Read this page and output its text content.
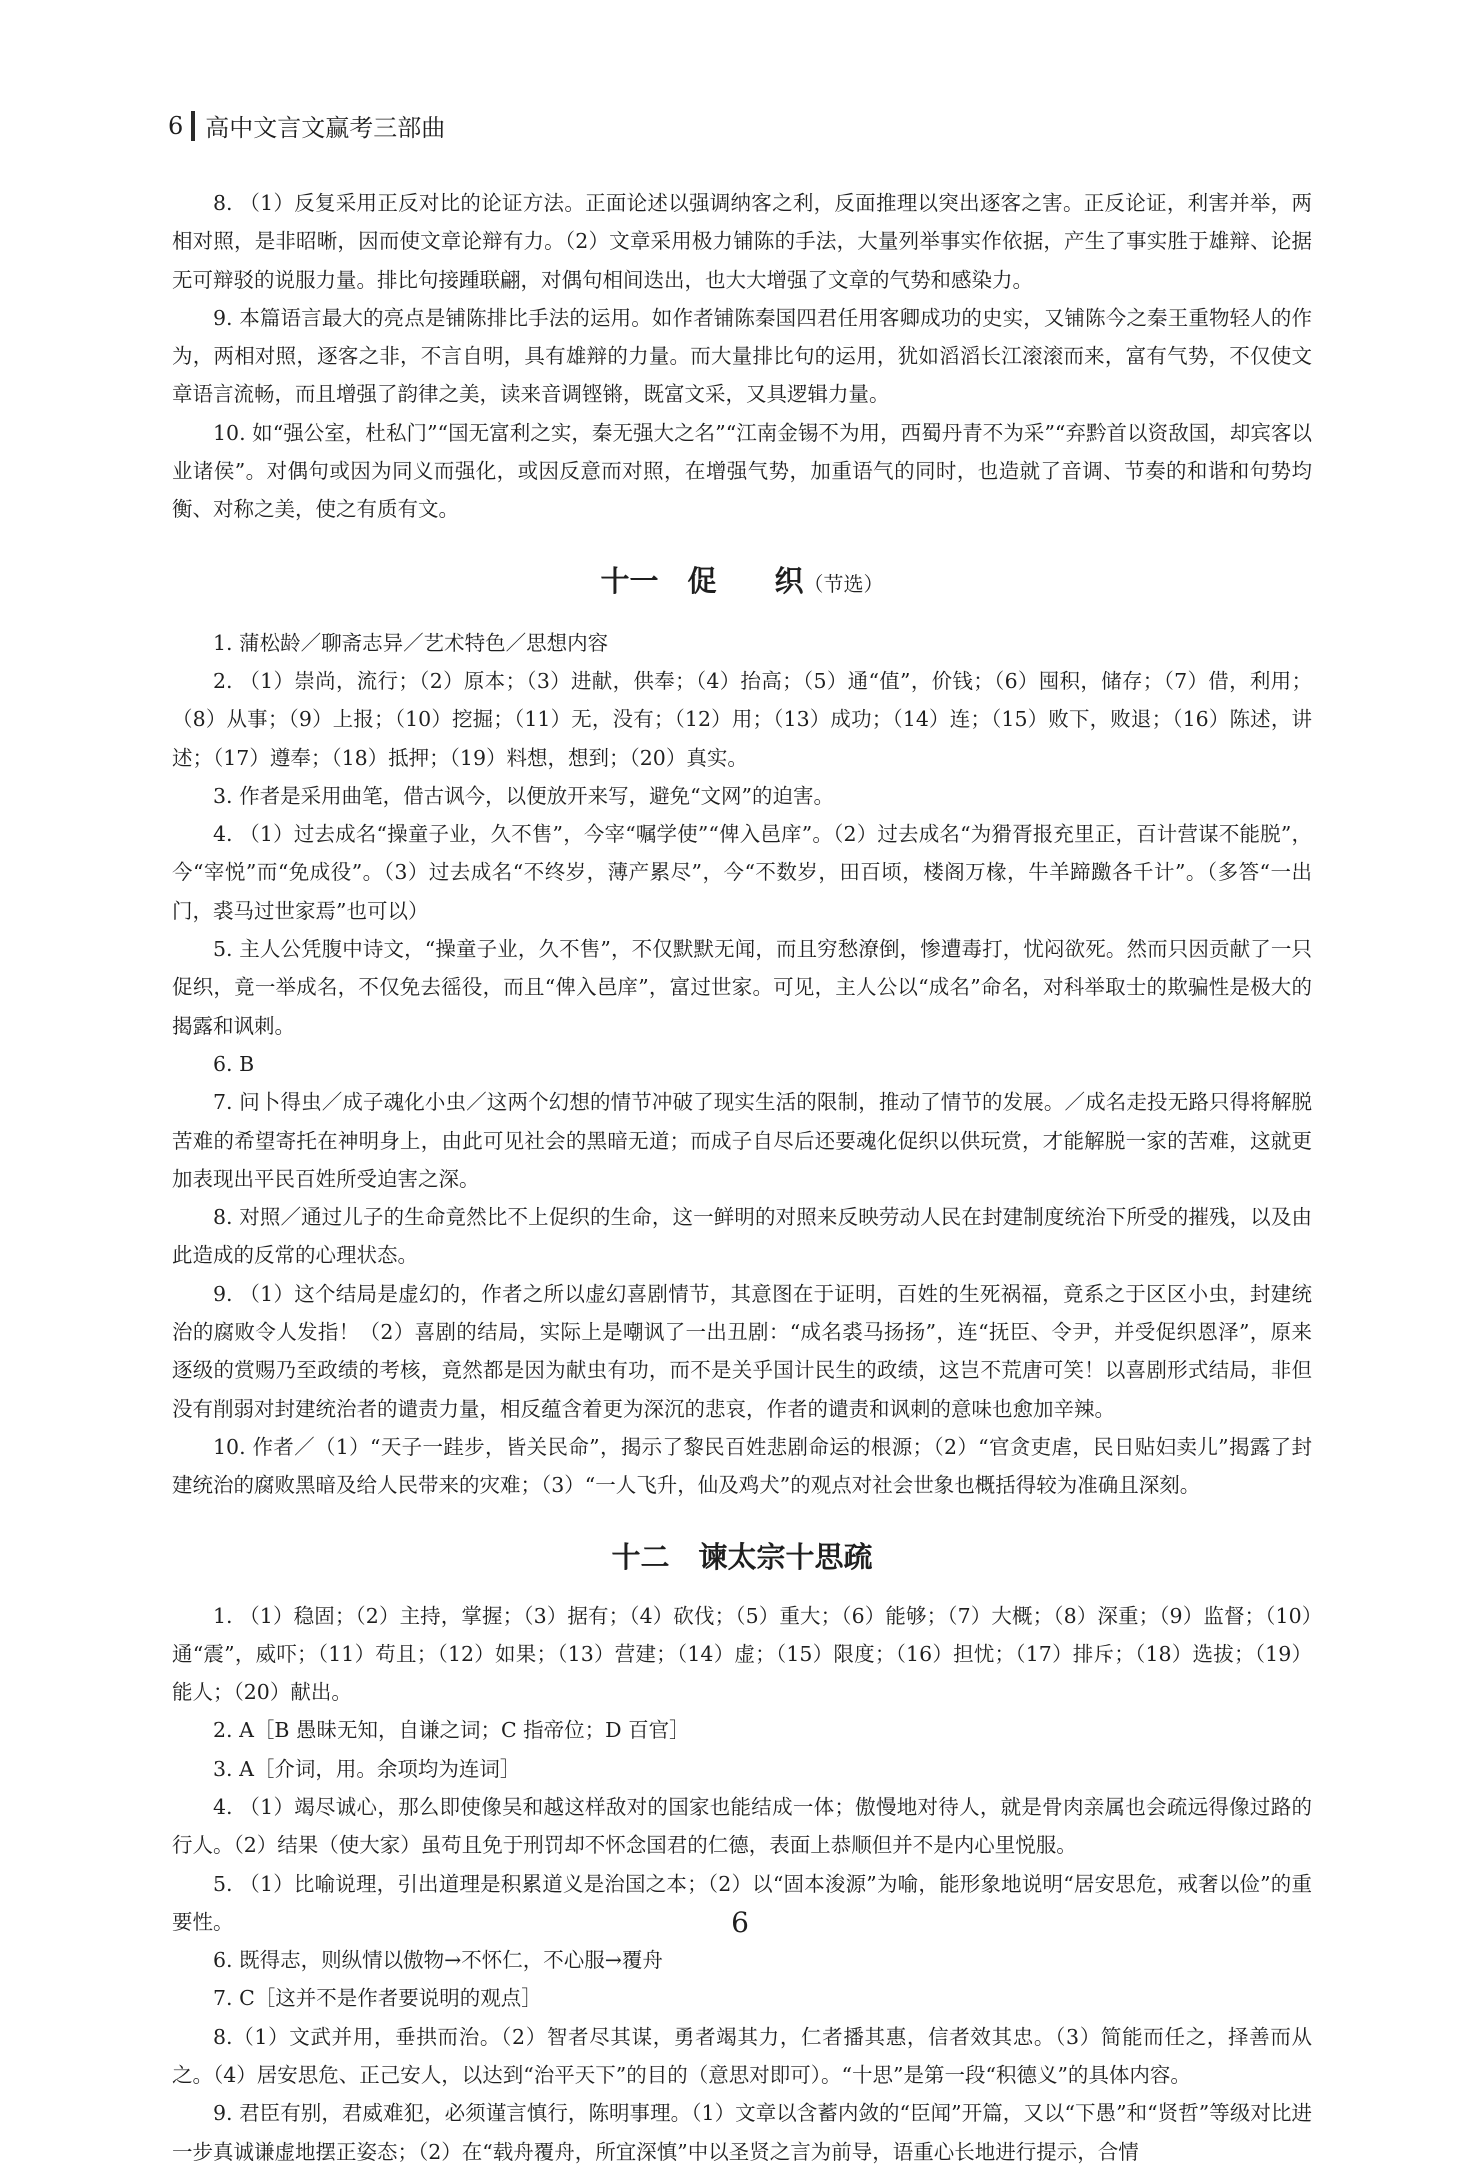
6 高中文言文赢考三部曲

8. （1）反复采用正反对比的论证方法。正面论述以强调纳客之利，反面推理以突出逐客之害。正反论证，利害并举，两相对照，是非昭晰，因而使文章论辩有力。（2）文章采用极力铺陈的手法，大量列举事实作依据，产生了事实胜于雄辩、论据无可辩驳的说服力量。排比句接踵联翩，对偶句相间迭出，也大大增强了文章的气势和感染力。

9. 本篇语言最大的亮点是铺陈排比手法的运用。如作者铺陈秦国四君任用客卿成功的史实，又铺陈今之秦王重物轻人的作为，两相对照，逐客之非，不言自明，具有雄辩的力量。而大量排比句的运用，犹如滔滔长江滚滚而来，富有气势，不仅使文章语言流畅，而且增强了韵律之美，读来音调铿锵，既富文采，又具逻辑力量。

10. 如“强公室，杜私门”“国无富利之实，秦无强大之名”“江南金锡不为用，西蜀丹青不为采”“弃黔首以资敌国，却宾客以业诸侯”。对偶句或因为同义而强化，或因反意而对照，在增强气势，加重语气的同时，也造就了音调、节奏的和谐和句势均衡、对称之美，使之有质有文。

十一　促　　织（节选）

1. 蒲松龄／聊斋志异／艺术特色／思想内容

2. （1）崇尚，流行；（2）原本；（3）进献，供奉；（4）抬高；（5）通“值”，价钱；（6）囤积，储存；（7）借，利用；（8）从事；（9）上报；（10）挖掘；（11）无，没有；（12）用；（13）成功；（14）连；（15）败下，败退；（16）陈述，讲述；（17）遵奉；（18）抵押；（19）料想，想到；（20）真实。

3. 作者是采用曲笔，借古讽今，以便放开来写，避免“文网”的迫害。

4. （1）过去成名“操童子业，久不售”，今宰“嘱学使”“俾入邑庠”。（2）过去成名“为猾胥报充里正，百计营谋不能脱”，今“宰悦”而“免成役”。（3）过去成名“不终岁，薄产累尽”，今“不数岁，田百顷，楼阁万椽，牛羊蹄躈各千计”。（多答“一出门，裘马过世家焉”也可以）

5. 主人公凭腹中诗文，“操童子业，久不售”，不仅默默无闻，而且穷愁潦倒，惨遭毒打，忧闷欲死。然而只因贡献了一只促织，竟一举成名，不仅免去徭役，而且“俾入邑庠”，富过世家。可见，主人公以“成名”命名，对科举取士的欺骗性是极大的揭露和讽刺。

6. B

7. 问卜得虫／成子魂化小虫／这两个幻想的情节冲破了现实生活的限制，推动了情节的发展。／成名走投无路只得将解脱苦难的希望寄托在神明身上，由此可见社会的黑暗无道；而成子自尽后还要魂化促织以供玩赏，才能解脱一家的苦难，这就更加表现出平民百姓所受迫害之深。

8. 对照／通过儿子的生命竟然比不上促织的生命，这一鲜明的对照来反映劳动人民在封建制度统治下所受的摧残，以及由此造成的反常的心理状态。

9. （1）这个结局是虚幻的，作者之所以虚幻喜剧情节，其意图在于证明，百姓的生死祸福，竟系之于区区小虫，封建统治的腐败令人发指！（2）喜剧的结局，实际上是嘲讽了一出丑剧：“成名裘马扬扬”，连“抚臣、令尹，并受促织恩泽”，原来逐级的赏赐乃至政绩的考核，竟然都是因为献虫有功，而不是关乎国计民生的政绩，这岂不荒唐可笑！以喜剧形式结局，非但没有削弱对封建统治者的谴责力量，相反蕴含着更为深沉的悲哀，作者的谴责和讽刺的意味也愈加辛辣。

10. 作者／（1）“天子一跬步，皆关民命”，揭示了黎民百姓悲剧命运的根源；（2）“官贪吏虐，民日贴妇卖儿”揭露了封建统治的腐败黑暗及给人民带来的灾难；（3）“一人飞升，仙及鸡犬”的观点对社会世象也概括得较为准确且深刻。

十二　谏太宗十思疏

1. （1）稳固；（2）主持，掌握；（3）据有；（4）砍伐；（5）重大；（6）能够；（7）大概；（8）深重；（9）监督；（10）通“震”，威吓；（11）苟且；（12）如果；（13）营建；（14）虚；（15）限度；（16）担忧；（17）排斥；（18）选拔；（19）能人；（20）献出。

2. A［B 愚昧无知，自谦之词；C 指帝位；D 百官］

3. A［介词，用。余项均为连词］

4. （1）竭尽诚心，那么即使像吴和越这样敌对的国家也能结成一体；傲慢地对待人，就是骨肉亲属也会疏远得像过路的行人。（2）结果（使大家）虽苟且免于刑罚却不怀念国君的仁德，表面上恭顺但并不是内心里悦服。

5. （1）比喻说理，引出道理是积累道义是治国之本；（2）以“固本浚源”为喻，能形象地说明“居安思危，戒奢以俭”的重要性。

6. 既得志，则纵情以傲物→不怀仁，不心服→覆舟

7. C［这并不是作者要说明的观点］

8.（1）文武并用，垂拱而治。（2）智者尽其谋，勇者竭其力，仁者播其惠，信者效其忠。（3）简能而任之，择善而从之。（4）居安思危、正己安人，以达到“治平天下”的目的（意思对即可）。“十思”是第一段“积德义”的具体内容。

9. 君臣有别，君威难犯，必须谨言慎行，陈明事理。（1）文章以含蓄内敛的“臣闻”开篇，又以“下愚”和“贤哲”等级对比进一步真诚谦虚地摆正姿态；（2）在“载舟覆舟，所宜深慎”中以圣贤之言为前导，语重心长地进行提示，合情

6
